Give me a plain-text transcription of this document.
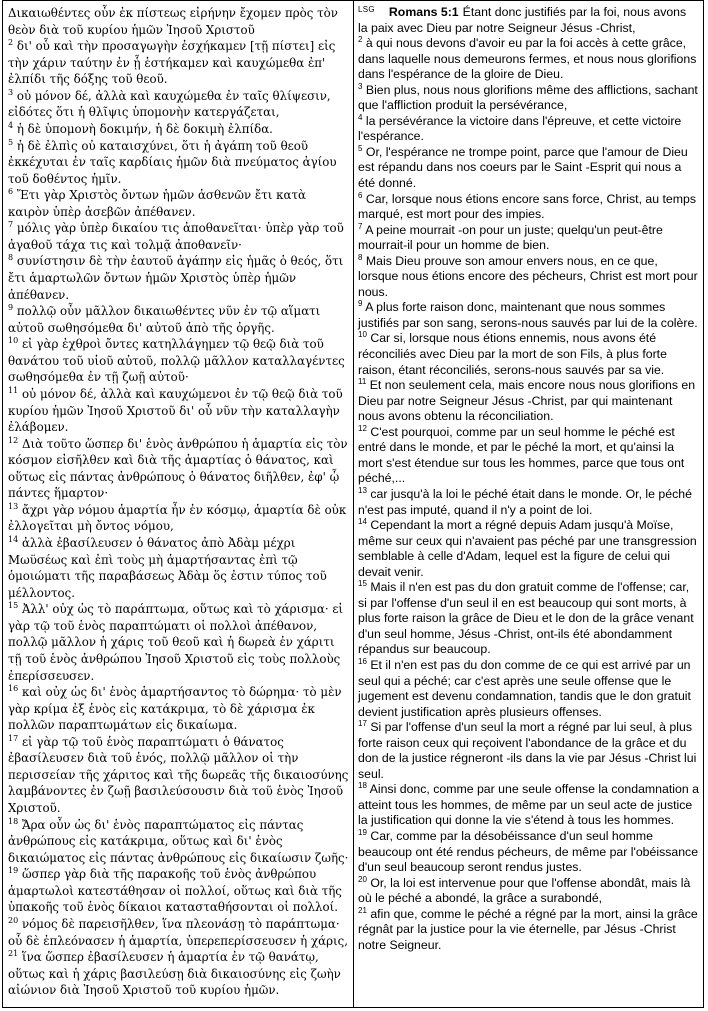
Δικαιωθέντες οὖν ἐκ πίστεως εἰρήνην ἔχομεν πρὸς τὸν θεὸν διὰ τοῦ κυρίου ἡμῶν Ἰησοῦ Χριστοῦ
$^2$ δι' οὗ καὶ τὴν προσαγωγὴν ἐσχήκαμεν [τῇ πίστει] εἰς τὴν χάριν ταύτην ἐν ᾗ ἑστήκαμεν καὶ καυχώμεθα ἐπ' ἐλπίδι τῆς δόξης τοῦ θεοῦ.
$^3$ οὐ μόνον δέ, ἀλλὰ καὶ καυχώμεθα ἐν ταῖς θλίψεσιν, εἰδότες ὅτι ἡ θλῖψις ὑπομονὴν κατεργάζεται,
$^4$ ἡ δὲ ὑπομονὴ δοκιμήν, ἡ δὲ δοκιμὴ ἐλπίδα.
$^5$ ἡ δὲ ἐλπὶς οὐ καταισχύνει, ὅτι ἡ ἀγάπη τοῦ θεοῦ ἐκκέχυται ἐν ταῖς καρδίαις ἡμῶν διὰ πνεύματος ἁγίου τοῦ δοθέντος ἡμῖν.
$^6$ Ἔτι γὰρ Χριστὸς ὄντων ἡμῶν ἀσθενῶν ἔτι κατὰ καιρὸν ὑπὲρ ἀσεβῶν ἀπέθανεν.
$^7$ μόλις γὰρ ὑπὲρ δικαίου τις ἀποθανεῖται· ὑπὲρ γὰρ τοῦ ἀγαθοῦ τάχα τις καὶ τολμᾷ ἀποθανεῖν·
$^8$ συνίστησιν δὲ τὴν ἑαυτοῦ ἀγάπην εἰς ἡμᾶς ὁ θεός, ὅτι ἔτι ἁμαρτωλῶν ὄντων ἡμῶν Χριστὸς ὑπὲρ ἡμῶν ἀπέθανεν.
$^9$ πολλῷ οὖν μᾶλλον δικαιωθέντες νῦν ἐν τῷ αἵματι αὐτοῦ σωθησόμεθα δι' αὐτοῦ ἀπὸ τῆς ὀργῆς.
$^{10}$ εἰ γὰρ ἐχθροὶ ὄντες κατηλλάγημεν τῷ θεῷ διὰ τοῦ θανάτου τοῦ υἱοῦ αὐτοῦ, πολλῷ μᾶλλον καταλλαγέντες σωθησόμεθα ἐν τῇ ζωῇ αὐτοῦ·
$^{11}$ οὐ μόνον δέ, ἀλλὰ καὶ καυχώμενοι ἐν τῷ θεῷ διὰ τοῦ κυρίου ἡμῶν Ἰησοῦ Χριστοῦ δι' οὗ νῦν τὴν καταλλαγὴν ἐλάβομεν.
$^{12}$ Διὰ τοῦτο ὥσπερ δι' ἑνὸς ἀνθρώπου ἡ ἁμαρτία εἰς τὸν κόσμον εἰσῆλθεν καὶ διὰ τῆς ἁμαρτίας ὁ θάνατος, καὶ οὕτως εἰς πάντας ἀνθρώπους ὁ θάνατος διῆλθεν, ἐφ' ᾧ πάντες ἥμαρτον·
$^{13}$ ἄχρι γὰρ νόμου ἁμαρτία ἦν ἐν κόσμῳ, ἁμαρτία δὲ οὐκ ἐλλογεῖται μὴ ὄντος νόμου,
$^{14}$ ἀλλὰ ἐβασίλευσεν ὁ θάνατος ἀπὸ Ἀδὰμ μέχρι Μωϋσέως καὶ ἐπὶ τοὺς μὴ ἁμαρτήσαντας ἐπὶ τῷ ὁμοιώματι τῆς παραβάσεως Ἀδὰμ ὅς ἐστιν τύπος τοῦ μέλλοντος.
$^{15}$ Ἀλλ' οὐχ ὡς τὸ παράπτωμα, οὕτως καὶ τὸ χάρισμα· εἰ γὰρ τῷ τοῦ ἑνὸς παραπτώματι οἱ πολλοὶ ἀπέθανον, πολλῷ μᾶλλον ἡ χάρις τοῦ θεοῦ καὶ ἡ δωρεὰ ἐν χάριτι τῇ τοῦ ἑνὸς ἀνθρώπου Ἰησοῦ Χριστοῦ εἰς τοὺς πολλοὺς ἐπερίσσευσεν.
$^{16}$ καὶ οὐχ ὡς δι' ἑνὸς ἁμαρτήσαντος τὸ δώρημα· τὸ μὲν γὰρ κρίμα ἐξ ἑνὸς εἰς κατάκριμα, τὸ δὲ χάρισμα ἐκ πολλῶν παραπτωμάτων εἰς δικαίωμα.
$^{17}$ εἰ γὰρ τῷ τοῦ ἑνὸς παραπτώματι ὁ θάνατος ἐβασίλευσεν διὰ τοῦ ἑνός, πολλῷ μᾶλλον οἱ τὴν περισσείαν τῆς χάριτος καὶ τῆς δωρεᾶς τῆς δικαιοσύνης λαμβάνοντες ἐν ζωῇ βασιλεύσουσιν διὰ τοῦ ἑνὸς Ἰησοῦ Χριστοῦ.
$^{18}$ Ἄρα οὖν ὡς δι' ἑνὸς παραπτώματος εἰς πάντας ἀνθρώπους εἰς κατάκριμα, οὕτως καὶ δι' ἑνὸς δικαιώματος εἰς πάντας ἀνθρώπους εἰς δικαίωσιν ζωῆς·
$^{19}$ ὥσπερ γὰρ διὰ τῆς παρακοῆς τοῦ ἑνὸς ἀνθρώπου ἁμαρτωλοὶ κατεστάθησαν οἱ πολλοί, οὕτως καὶ διὰ τῆς ὑπακοῆς τοῦ ἑνὸς δίκαιοι κατασταθήσονται οἱ πολλοί.
$^{20}$ νόμος δὲ παρεισῆλθεν, ἵνα πλεονάσῃ τὸ παράπτωμα· οὗ δὲ ἐπλεόνασεν ἡ ἁμαρτία, ὑπερεπερίσσευσεν ἡ χάρις,
$^{21}$ ἵνα ὥσπερ ἐβασίλευσεν ἡ ἁμαρτία ἐν τῷ θανάτῳ, οὕτως καὶ ἡ χάρις βασιλεύσῃ διὰ δικαιοσύνης εἰς ζωὴν αἰώνιον διὰ Ἰησοῦ Χριστοῦ τοῦ κυρίου ἡμῶν.
$^{LSG}$ Romans 5:1 Étant donc justifiés par la foi, nous avons la paix avec Dieu par notre Seigneur Jésus -Christ,
$^2$ à qui nous devons d'avoir eu par la foi accès à cette grâce, dans laquelle nous demeurons fermes, et nous nous glorifions dans l'espérance de la gloire de Dieu.
$^3$ Bien plus, nous nous glorifions même des afflictions, sachant que l'affliction produit la persévérance,
$^4$ la persévérance la victoire dans l'épreuve, et cette victoire l'espérance.
$^5$ Or, l'espérance ne trompe point, parce que l'amour de Dieu est répandu dans nos coeurs par le Saint -Esprit qui nous a été donné.
$^6$ Car, lorsque nous étions encore sans force, Christ, au temps marqué, est mort pour des impies.
$^7$ A peine mourrait -on pour un juste; quelqu'un peut-être mourrait-il pour un homme de bien.
$^8$ Mais Dieu prouve son amour envers nous, en ce que, lorsque nous étions encore des pécheurs, Christ est mort pour nous.
$^9$ A plus forte raison donc, maintenant que nous sommes justifiés par son sang, serons-nous sauvés par lui de la colère.
$^{10}$ Car si, lorsque nous étions ennemis, nous avons été réconciliés avec Dieu par la mort de son Fils, à plus forte raison, étant réconciliés, serons-nous sauvés par sa vie.
$^{11}$ Et non seulement cela, mais encore nous nous glorifions en Dieu par notre Seigneur Jésus -Christ, par qui maintenant nous avons obtenu la réconciliation.
$^{12}$ C'est pourquoi, comme par un seul homme le péché est entré dans le monde, et par le péché la mort, et qu'ainsi la mort s'est étendue sur tous les hommes, parce que tous ont péché,...
$^{13}$ car jusqu'à la loi le péché était dans le monde. Or, le péché n'est pas imputé, quand il n'y a point de loi.
$^{14}$ Cependant la mort a régné depuis Adam jusqu'à Moïse, même sur ceux qui n'avaient pas péché par une transgression semblable à celle d'Adam, lequel est la figure de celui qui devait venir.
$^{15}$ Mais il n'en est pas du don gratuit comme de l'offense; car, si par l'offense d'un seul il en est beaucoup qui sont morts, à plus forte raison la grâce de Dieu et le don de la grâce venant d'un seul homme, Jésus -Christ, ont-ils été abondamment répandus sur beaucoup.
$^{16}$ Et il n'en est pas du don comme de ce qui est arrivé par un seul qui a péché; car c'est après une seule offense que le jugement est devenu condamnation, tandis que le don gratuit devient justification après plusieurs offenses.
$^{17}$ Si par l'offense d'un seul la mort a régné par lui seul, à plus forte raison ceux qui reçoivent l'abondance de la grâce et du don de la justice régneront -ils dans la vie par Jésus -Christ lui seul.
$^{18}$ Ainsi donc, comme par une seule offense la condamnation a atteint tous les hommes, de même par un seul acte de justice la justification qui donne la vie s'étend à tous les hommes.
$^{19}$ Car, comme par la désobéissance d'un seul homme beaucoup ont été rendus pécheurs, de même par l'obéissance d'un seul beaucoup seront rendus justes.
$^{20}$ Or, la loi est intervenue pour que l'offense abondât, mais là où le péché a abondé, la grâce a surabondé,
$^{21}$ afin que, comme le péché a régné par la mort, ainsi la grâce régnât par la justice pour la vie éternelle, par Jésus -Christ notre Seigneur.
